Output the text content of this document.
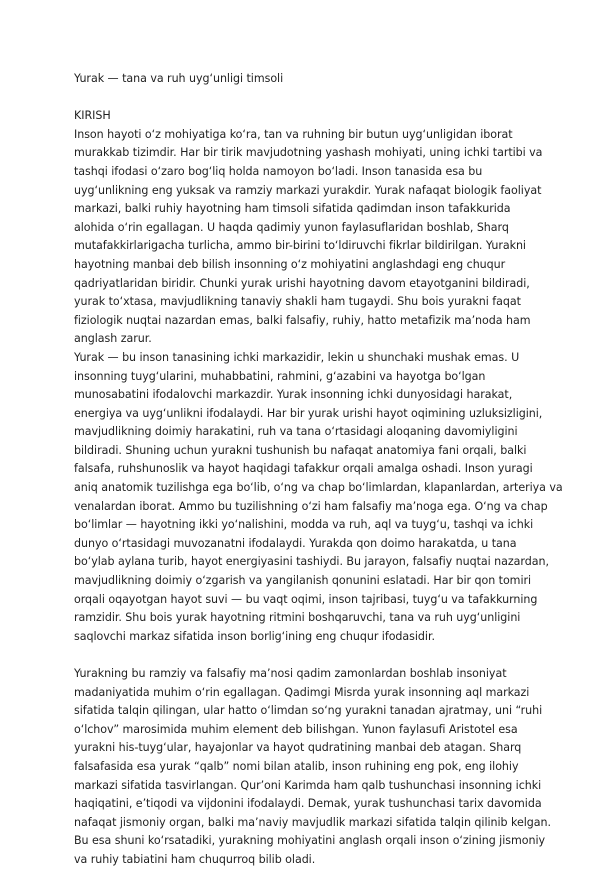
Yurak — tana va ruh uyg‘unligi timsoli
KIRISH

Inson hayoti o‘z mohiyatiga ko‘ra, tan va ruhning bir butun uyg‘unligidan iborat
murakkab tizimdir. Har bir tirik mavjudotning yashash mohiyati, uning ichki tartibi va
tashqi ifodasi o‘zaro bog‘liq holda namoyon bo‘ladi. Inson tanasida esa bu
uyg‘unlikning eng yuksak va ramziy markazi yurakdir. Yurak nafaqat biologik faoliyat
markazi, balki ruhiy hayotning ham timsoli sifatida qadimdan inson tafakkurida
alohida o‘rin egallagan. U haqda qadimiy yunon faylasuflaridan boshlab, Sharq
mutafakkirlarigacha turlicha, ammo bir-birini to‘ldiruvchi fikrlar bildirilgan. Yurakni
hayotning manbai deb bilish insonning o‘z mohiyatini anglashdagi eng chuqur
qadriyatlaridan biridir. Chunki yurak urishi hayotning davom etayotganini bildiradi,
yurak to‘xtasa, mavjudlikning tanaviy shakli ham tugaydi. Shu bois yurakni faqat
fiziologik nuqtai nazardan emas, balki falsafiy, ruhiy, hatto metafizik ma’noda ham
anglash zarur.

Yurak — bu inson tanasining ichki markazidir, lekin u shunchaki mushak emas. U
insonning tuyg‘ularini, muhabbatini, rahmini, g‘azabini va hayotga bo‘lgan
munosabatini ifodalovchi markazdir. Yurak insonning ichki dunyosidagi harakat,
energiya va uyg‘unlikni ifodalaydi. Har bir yurak urishi hayot oqimining uzluksizligini,
mavjudlikning doimiy harakatini, ruh va tana o‘rtasidagi aloqaning davomiyligini
bildiradi. Shuning uchun yurakni tushunish bu nafaqat anatomiya fani orqali, balki
falsafa, ruhshunoslik va hayot haqidagi tafakkur orqali amalga oshadi. Inson yuragi
aniq anatomik tuzilishga ega bo‘lib, o‘ng va chap bo‘limlardan, klapanlardan, arteriya va
venalardan iborat. Ammo bu tuzilishning o‘zi ham falsafiy ma’noga ega. O‘ng va chap
bo‘limlar — hayotning ikki yo‘nalishini, modda va ruh, aql va tuyg‘u, tashqi va ichki
dunyo o‘rtasidagi muvozanatni ifodalaydi. Yurakda qon doimo harakatda, u tana
bo‘ylab aylana turib, hayot energiyasini tashiydi. Bu jarayon, falsafiy nuqtai nazardan,
mavjudlikning doimiy o‘zgarish va yangilanish qonunini eslatadi. Har bir qon tomiri
orqali oqayotgan hayot suvi — bu vaqt oqimi, inson tajribasi, tuyg‘u va tafakkurning
ramzidir. Shu bois yurak hayotning ritmini boshqaruvchi, tana va ruh uyg‘unligini
saqlovchi markaz sifatida inson borlig‘ining eng chuqur ifodasidir.

Yurakning bu ramziy va falsafiy ma’nosi qadim zamonlardan boshlab insoniyat
madaniyatida muhim o‘rin egallagan. Qadimgi Misrda yurak insonning aql markazi
sifatida talqin qilingan, ular hatto o‘limdan so‘ng yurakni tanadan ajratmay, uni “ruhi
o‘lchov” marosimida muhim element deb bilishgan. Yunon faylasufi Aristotel esa
yurakni his-tuyg‘ular, hayajonlar va hayot qudratining manbai deb atagan. Sharq
falsafasida esa yurak “qalb” nomi bilan atalib, inson ruhining eng pok, eng ilohiy
markazi sifatida tasvirlangan. Qur’oni Karimda ham qalb tushunchasi insonning ichki
haqiqatini, e’tiqodi va vijdonini ifodalaydi. Demak, yurak tushunchasi tarix davomida
nafaqat jismoniy organ, balki ma’naviy mavjudlik markazi sifatida talqin qilinib kelgan.
Bu esa shuni ko‘rsatadiki, yurakning mohiyatini anglash orqali inson o‘zining jismoniy
va ruhiy tabiatini ham chuqurroq bilib oladi.
